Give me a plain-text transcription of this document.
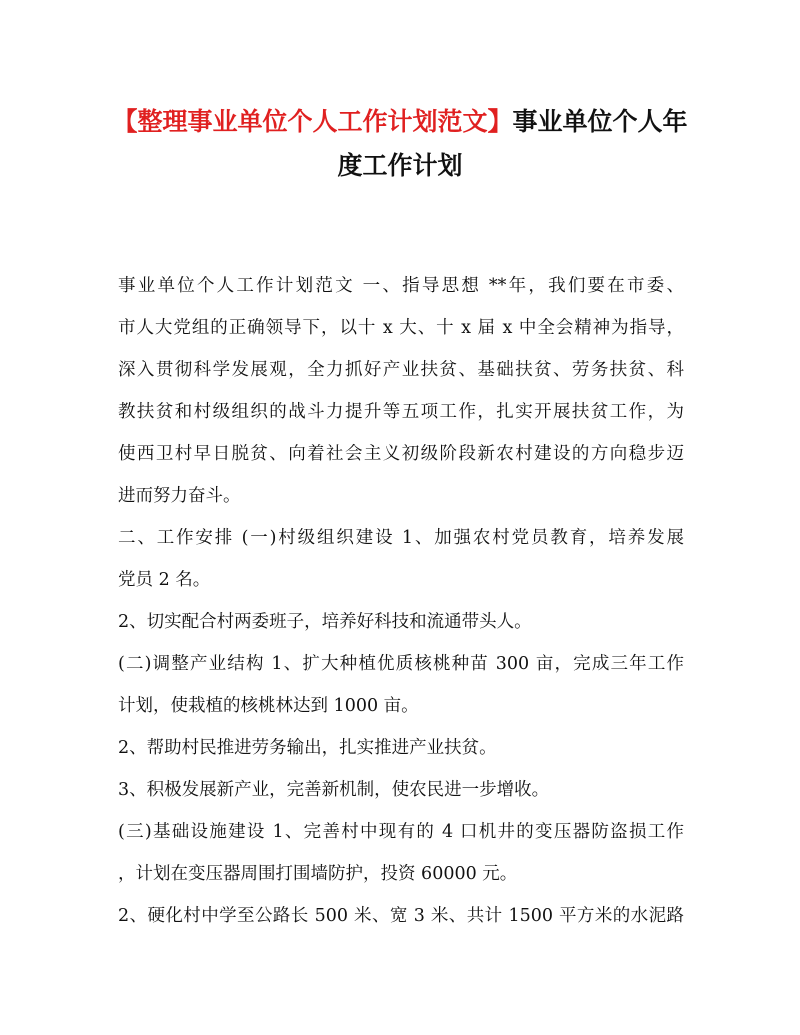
【整理事业单位个人工作计划范文】事业单位个人年
度工作计划
事业单位个人工作计划范文 一、指导思想 **年，我们要在市委、
市人大党组的正确领导下，以十 x 大、十 x 届 x 中全会精神为指导，
深入贯彻科学发展观，全力抓好产业扶贫、基础扶贫、劳务扶贫、科
教扶贫和村级组织的战斗力提升等五项工作，扎实开展扶贫工作，为
使西卫村早日脱贫、向着社会主义初级阶段新农村建设的方向稳步迈
进而努力奋斗。
二、工作安排 (一)村级组织建设 1、加强农村党员教育，培养发展
党员 2 名。
2、切实配合村两委班子，培养好科技和流通带头人。
(二)调整产业结构 1、扩大种植优质核桃种苗 300 亩，完成三年工作
计划，使栽植的核桃林达到 1000 亩。
2、帮助村民推进劳务输出，扎实推进产业扶贫。
3、积极发展新产业，完善新机制，使农民进一步增收。
(三)基础设施建设 1、完善村中现有的 4 口机井的变压器防盗损工作
，计划在变压器周围打围墙防护，投资 60000 元。
2、硬化村中学至公路长 500 米、宽 3 米、共计 1500 平方米的水泥路
